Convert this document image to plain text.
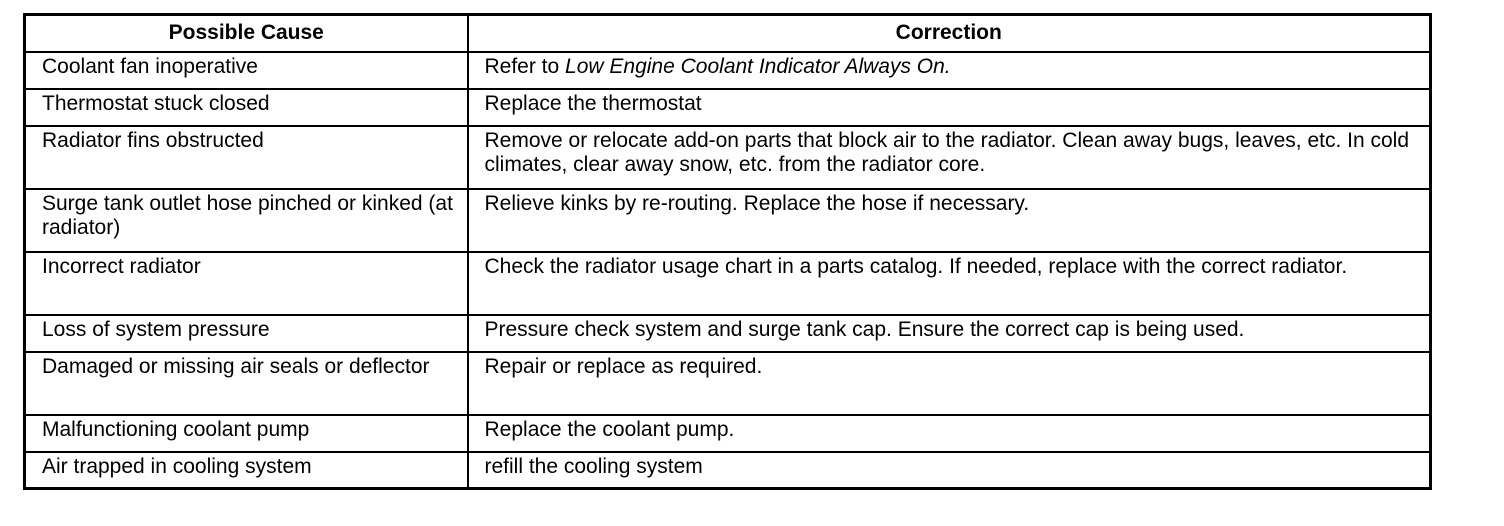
Possible Cause	Correction
Coolant fan inoperative	Refer to Low Engine Coolant Indicator Always On.
Thermostat stuck closed	Replace the thermostat
Radiator fins obstructed	Remove or relocate add-on parts that block air to the radiator. Clean away bugs, leaves, etc. In cold climates, clear away snow, etc. from the radiator core.
Surge tank outlet hose pinched or kinked (at radiator)	Relieve kinks by re-routing. Replace the hose if necessary.
Incorrect radiator	Check the radiator usage chart in a parts catalog. If needed, replace with the correct radiator.
Loss of system pressure	Pressure check system and surge tank cap. Ensure the correct cap is being used.
Damaged or missing air seals or deflector	Repair or replace as required.
Malfunctioning coolant pump	Replace the coolant pump.
Air trapped in cooling system	refill the cooling system
